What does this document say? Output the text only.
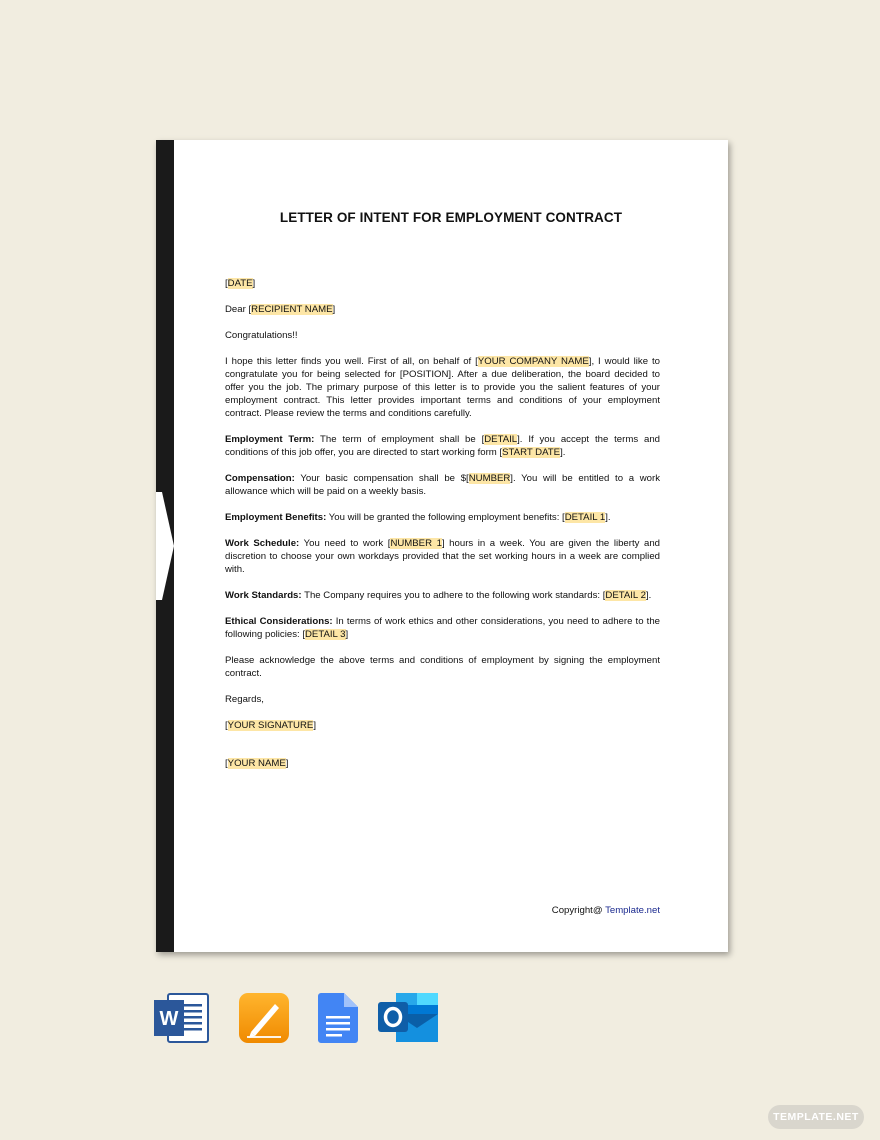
LETTER OF INTENT FOR EMPLOYMENT CONTRACT

[DATE]

Dear [RECIPIENT NAME]

Congratulations!!

I hope this letter finds you well. First of all, on behalf of [YOUR COMPANY NAME], I would like to congratulate you for being selected for [POSITION]. After a due deliberation, the board decided to offer you the job. The primary purpose of this letter is to provide you the salient features of your employment contract. This letter provides important terms and conditions of your employment contract. Please review the terms and conditions carefully.

Employment Term: The term of employment shall be [DETAIL]. If you accept the terms and conditions of this job offer, you are directed to start working form [START DATE].

Compensation: Your basic compensation shall be $[NUMBER]. You will be entitled to a work allowance which will be paid on a weekly basis.

Employment Benefits: You will be granted the following employment benefits: [DETAIL 1].

Work Schedule: You need to work [NUMBER 1] hours in a week. You are given the liberty and discretion to choose your own workdays provided that the set working hours in a week are complied with.

Work Standards: The Company requires you to adhere to the following work standards: [DETAIL 2].

Ethical Considerations: In terms of work ethics and other considerations, you need to adhere to the following policies: [DETAIL 3]

Please acknowledge the above terms and conditions of employment by signing the employment contract.

Regards,

[YOUR SIGNATURE]

[YOUR NAME]

Copyright@ Template.net
W
TEMPLATE.NET
